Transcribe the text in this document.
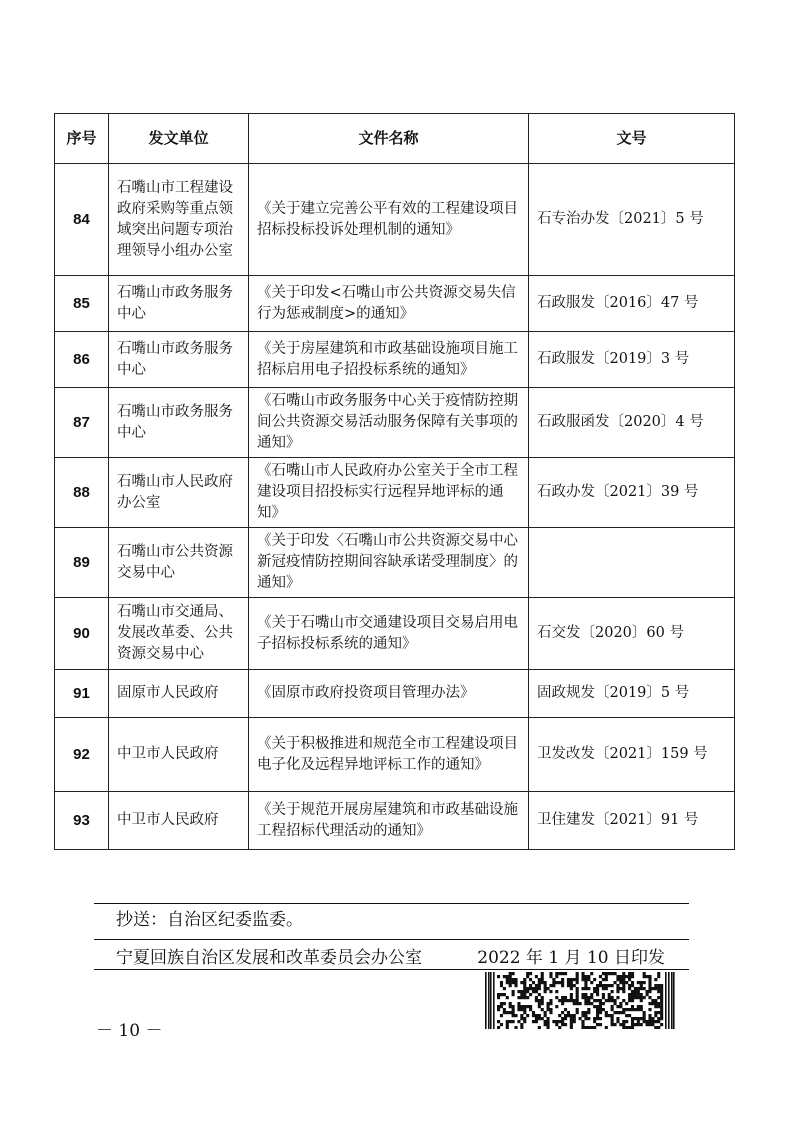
序号	发文单位	文件名称	文号
84	石嘴山市工程建设政府采购等重点领域突出问题专项治理领导小组办公室	《关于建立完善公平有效的工程建设项目招标投标投诉处理机制的通知》	石专治办发〔2021〕5 号
85	石嘴山市政务服务中心	《关于印发<石嘴山市公共资源交易失信行为惩戒制度>的通知》	石政服发〔2016〕47 号
86	石嘴山市政务服务中心	《关于房屋建筑和市政基础设施项目施工招标启用电子招投标系统的通知》	石政服发〔2019〕3 号
87	石嘴山市政务服务中心	《石嘴山市政务服务中心关于疫情防控期间公共资源交易活动服务保障有关事项的通知》	石政服函发〔2020〕4 号
88	石嘴山市人民政府办公室	《石嘴山市人民政府办公室关于全市工程建设项目招投标实行远程异地评标的通知》	石政办发〔2021〕39 号
89	石嘴山市公共资源交易中心	《关于印发〈石嘴山市公共资源交易中心新冠疫情防控期间容缺承诺受理制度〉的通知》	
90	石嘴山市交通局、发展改革委、公共资源交易中心	《关于石嘴山市交通建设项目交易启用电子招标投标系统的通知》	石交发〔2020〕60 号
91	固原市人民政府	《固原市政府投资项目管理办法》	固政规发〔2019〕5 号
92	中卫市人民政府	《关于积极推进和规范全市工程建设项目电子化及远程异地评标工作的通知》	卫发改发〔2021〕159 号
93	中卫市人民政府	《关于规范开展房屋建筑和市政基础设施工程招标代理活动的通知》	卫住建发〔2021〕91 号
抄送：自治区纪委监委。
宁夏回族自治区发展和改革委员会办公室	2022 年 1 月 10 日印发
－ 10 －
